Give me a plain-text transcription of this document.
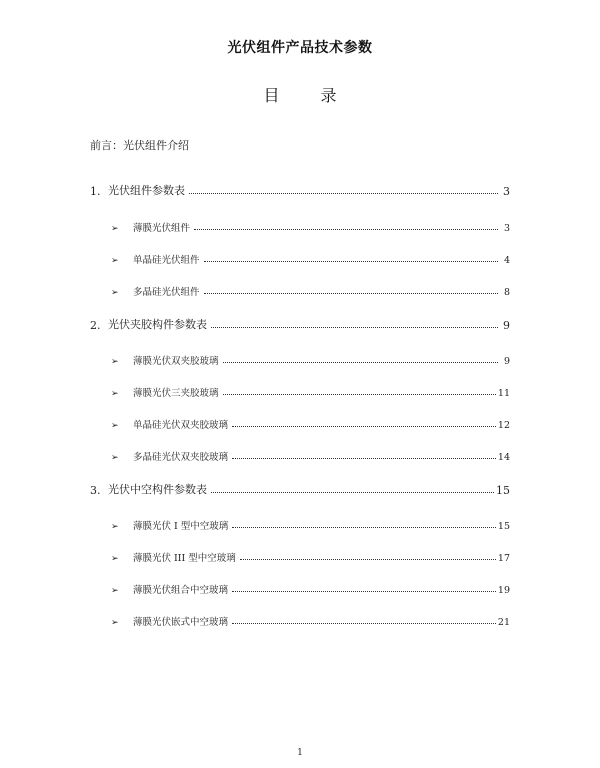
光伏组件产品技术参数
目 录
前言：光伏组件介绍
1. 光伏组件参数表	3
➢	薄膜光伏组件	3
➢	单晶硅光伏组件	4
➢	多晶硅光伏组件	8
2. 光伏夹胶构件参数表	9
➢	薄膜光伏双夹胶玻璃	9
➢	薄膜光伏三夹胶玻璃	11
➢	单晶硅光伏双夹胶玻璃	12
➢	多晶硅光伏双夹胶玻璃	14
3. 光伏中空构件参数表	15
➢	薄膜光伏 I 型中空玻璃	15
➢	薄膜光伏 III 型中空玻璃	17
➢	薄膜光伏组合中空玻璃	19
➢	薄膜光伏嵌式中空玻璃	21
1
